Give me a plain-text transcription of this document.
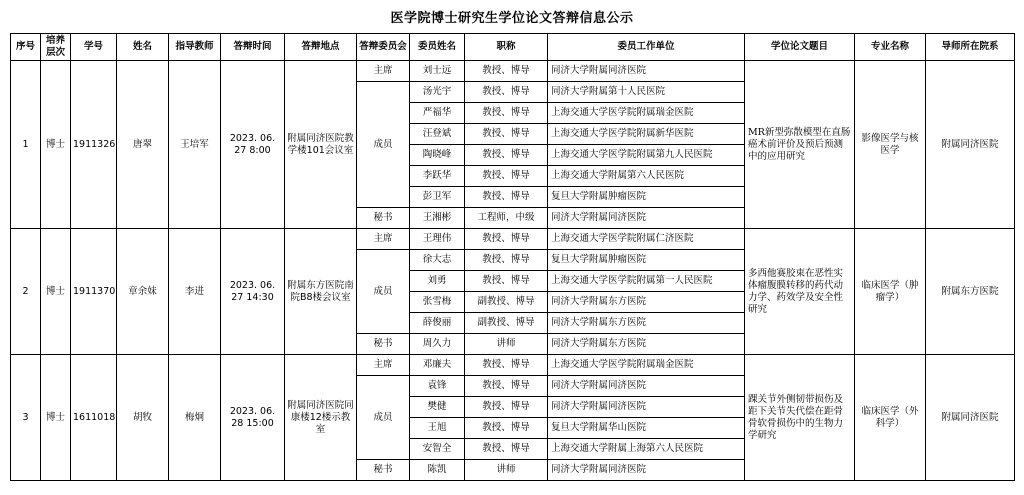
医学院博士研究生学位论文答辩信息公示
序号	培养层次	学号	姓名	指导教师	答辩时间	答辩地点	答辩委员会	委员姓名	职称	委员工作单位	学位论文题目	专业名称	导师所在院系
1	博士	1911326	唐翠	王培军	2023. 06. 27 8:00	附属同济医院教学楼101会议室	主席	刘士远	教授、博导	同济大学附属同济医院	MR新型弥散模型在直肠癌术前评价及预后预测中的应用研究	影像医学与核医学	附属同济医院
							成员	汤光宇	教授、博导	同济大学附属第十人民医院			
								严福华	教授、博导	上海交通大学医学院附属瑞金医院			
								汪登斌	教授、博导	上海交通大学医学院附属新华医院			
								陶晓峰	教授、博导	上海交通大学医学院附属第九人民医院			
								李跃华	教授、博导	上海交通大学附属第六人民医院			
								彭卫军	教授、博导	复旦大学附属肿瘤医院			
							秘书	王湘彬	工程师，中级	同济大学附属同济医院			
2	博士	1911370	章余妹	李进	2023. 06. 27 14:30	附属东方医院南院B8楼会议室	主席	王理伟	教授、博导	上海交通大学医学院附属仁济医院	多西他赛胶束在恶性实体瘤腹膜转移的药代动力学、药效学及安全性研究	临床医学（肿瘤学）	附属东方医院
							成员	徐大志	教授、博导	复旦大学附属肿瘤医院			
								刘勇	教授、博导	上海交通大学医学院附属第一人民医院			
								张雪梅	副教授、博导	同济大学附属东方医院			
								薛俊丽	副教授、博导	同济大学附属东方医院			
							秘书	周久力	讲师	同济大学附属东方医院			
3	博士	1611018	胡牧	梅炯	2023. 06. 28 15:00	附属同济医院同康楼12楼示教室	主席	邓廉夫	教授、博导	上海交通大学医学院附属瑞金医院	踝关节外侧韧带损伤及距下关节失代偿在距骨骨软骨损伤中的生物力学研究	临床医学（外科学）	附属同济医院
							成员	袁锋	教授、博导	同济大学附属同济医院			
								樊健	教授、博导	同济大学附属同济医院			
								王旭	教授、博导	复旦大学附属华山医院			
								安智全	教授、博导	上海交通大学附属上海第六人民医院			
							秘书	陈凯	讲师	同济大学附属同济医院			
